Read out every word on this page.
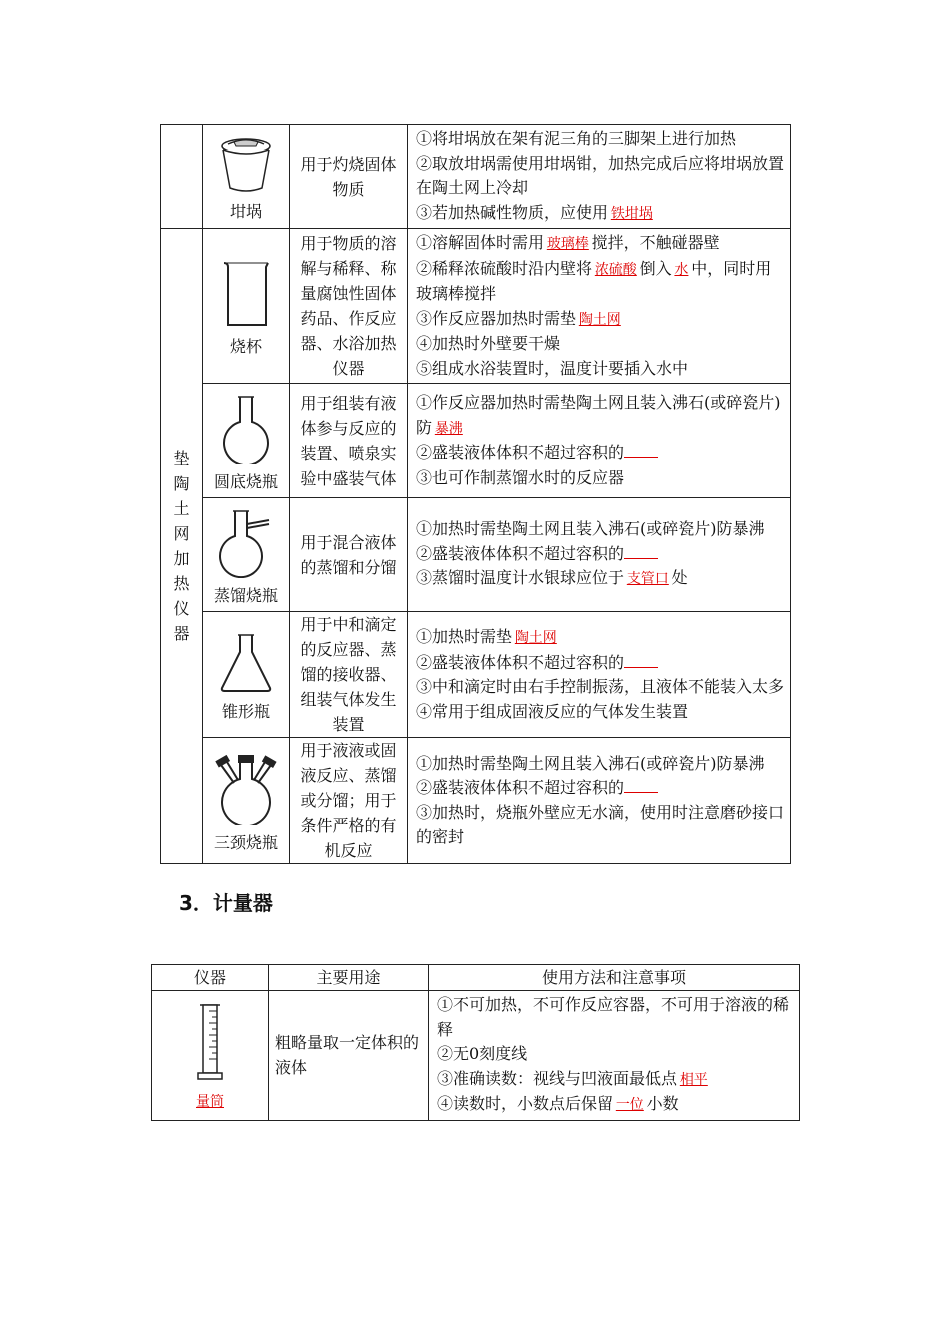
	坩埚	用于灼烧固体物质	①将坩埚放在架有泥三角的三脚架上进行加热
②取放坩埚需使用坩埚钳，加热完成后应将坩埚放置在陶土网上冷却
③若加热碱性物质，应使用 铁坩埚

垫陶土网加热仪器	烧杯	用于物质的溶解与稀释、称量腐蚀性固体药品、作反应器、水浴加热仪器	①溶解固体时需用 玻璃棒 搅拌，不触碰器壁
②稀释浓硫酸时沿内壁将 浓硫酸 倒入 水 中，同时用玻璃棒搅拌
③作反应器加热时需垫 陶土网
④加热时外壁要干燥
⑤组成水浴装置时，温度计要插入水中

	圆底烧瓶	用于组装有液体参与反应的装置、喷泉实验中盛装气体	①作反应器加热时需垫陶土网且装入沸石(或碎瓷片)防 暴沸
②盛装液体体积不超过容积的
③也可作制蒸馏水时的反应器

	蒸馏烧瓶	用于混合液体的蒸馏和分馏	①加热时需垫陶土网且装入沸石(或碎瓷片)防暴沸
②盛装液体体积不超过容积的
③蒸馏时温度计水银球应位于 支管口 处

	锥形瓶	用于中和滴定的反应器、蒸馏的接收器、组装气体发生装置	①加热时需垫 陶土网
②盛装液体体积不超过容积的
③中和滴定时由右手控制振荡，且液体不能装入太多
④常用于组成固液反应的气体发生装置

	三颈烧瓶	用于液液或固液反应、蒸馏或分馏；用于条件严格的有机反应	①加热时需垫陶土网且装入沸石(或碎瓷片)防暴沸
②盛装液体体积不超过容积的
③加热时，烧瓶外壁应无水滴，使用时注意磨砂接口的密封
3．计量器
仪器	主要用途	使用方法和注意事项

量筒	粗略量取一定体积的液体	①不可加热，不可作反应容器，不可用于溶液的稀释
②无0刻度线
③准确读数：视线与凹液面最低点 相平
④读数时，小数点后保留 一位 小数
